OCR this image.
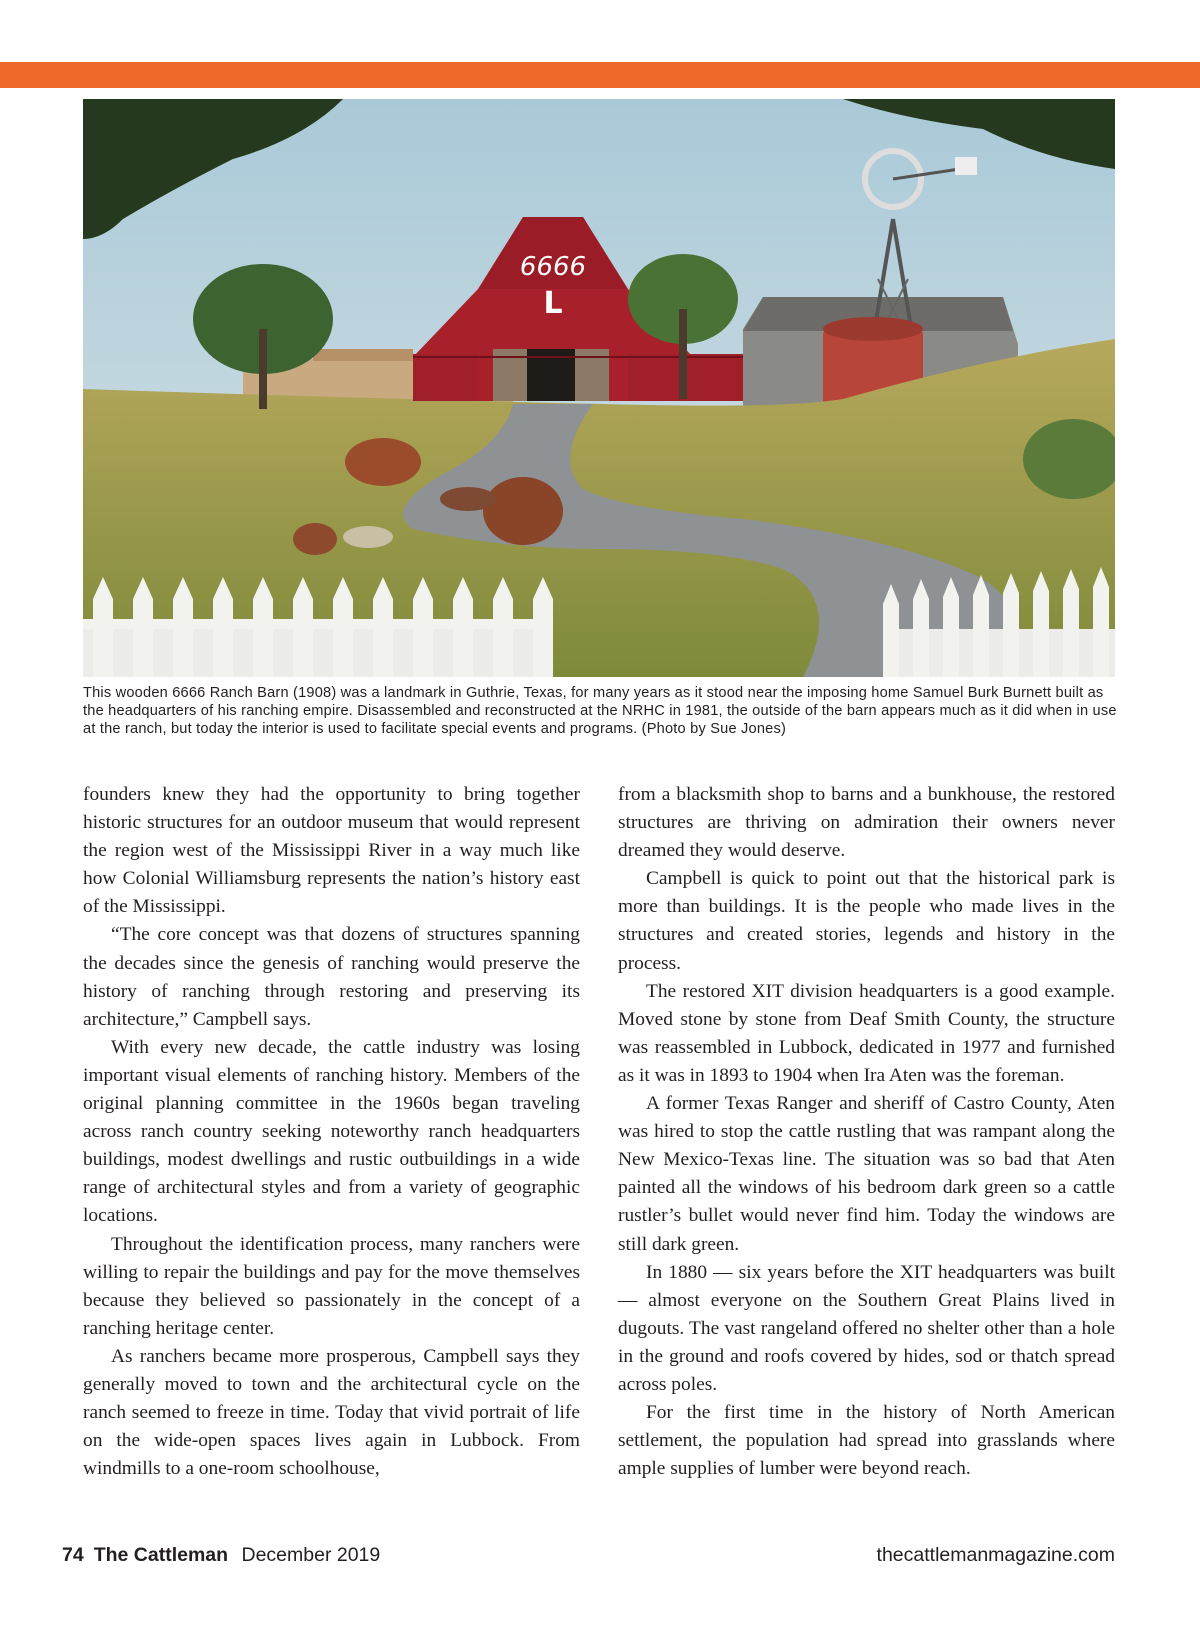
6666
L
This wooden 6666 Ranch Barn (1908) was a landmark in Guthrie, Texas, for many years as it stood near the imposing home Samuel Burk Burnett built as the headquarters of his ranching empire. Disassembled and reconstructed at the NRHC in 1981, the outside of the barn appears much as it did when in use at the ranch, but today the interior is used to facilitate special events and programs. (Photo by Sue Jones)

founders knew they had the opportunity to bring together historic structures for an outdoor museum that would represent the region west of the Mississippi River in a way much like how Colonial Williamsburg represents the nation’s history east of the Mississippi.

“The core concept was that dozens of structures spanning the decades since the genesis of ranching would preserve the history of ranching through restoring and preserving its architecture,” Campbell says.

With every new decade, the cattle industry was losing important visual elements of ranching history. Members of the original planning committee in the 1960s began traveling across ranch country seeking noteworthy ranch headquarters buildings, modest dwellings and rustic outbuildings in a wide range of architectural styles and from a variety of geographic locations.

Throughout the identification process, many ranchers were willing to repair the buildings and pay for the move themselves because they believed so passionately in the concept of a ranching heritage center.

As ranchers became more prosperous, Campbell says they generally moved to town and the architectural cycle on the ranch seemed to freeze in time. Today that vivid portrait of life on the wide-open spaces lives again in Lubbock. From windmills to a one-room schoolhouse,

from a blacksmith shop to barns and a bunkhouse, the restored structures are thriving on admiration their owners never dreamed they would deserve.

Campbell is quick to point out that the historical park is more than buildings. It is the people who made lives in the structures and created stories, legends and history in the process.

The restored XIT division headquarters is a good example. Moved stone by stone from Deaf Smith County, the structure was reassembled in Lubbock, dedicated in 1977 and furnished as it was in 1893 to 1904 when Ira Aten was the foreman.

A former Texas Ranger and sheriff of Castro County, Aten was hired to stop the cattle rustling that was rampant along the New Mexico-Texas line. The situation was so bad that Aten painted all the windows of his bedroom dark green so a cattle rustler’s bullet would never find him. Today the windows are still dark green.

In 1880 — six years before the XIT headquarters was built — almost everyone on the Southern Great Plains lived in dugouts. The vast rangeland offered no shelter other than a hole in the ground and roofs covered by hides, sod or thatch spread across poles.

For the first time in the history of North American settlement, the population had spread into grasslands where ample supplies of lumber were beyond reach.

74 The Cattleman December 2019	thecattlemanmagazine.com
